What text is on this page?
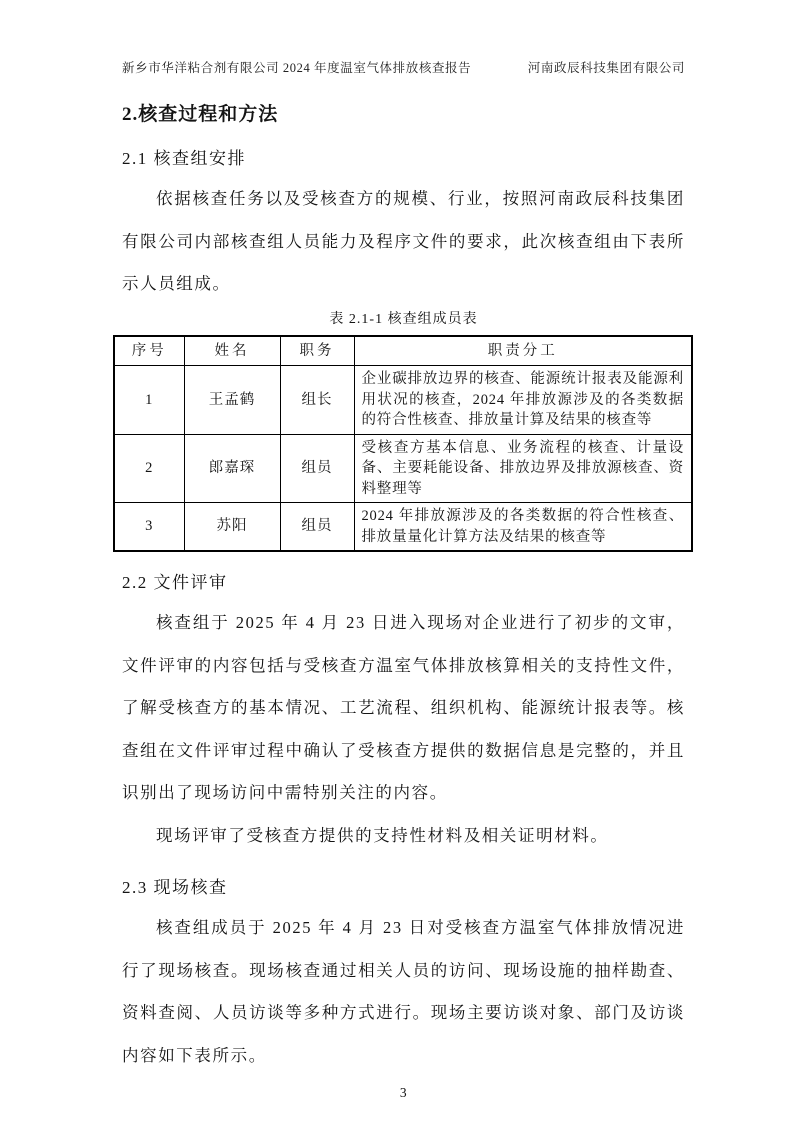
新乡市华洋粘合剂有限公司 2024 年度温室气体排放核查报告	河南政辰科技集团有限公司
2.核查过程和方法
2.1 核查组安排

依据核查任务以及受核查方的规模、行业，按照河南政辰科技集团有限公司内部核查组人员能力及程序文件的要求，此次核查组由下表所示人员组成。

表 2.1-1 核查组成员表
序号	姓名	职务	职责分工
1	王孟鹤	组长	企业碳排放边界的核查、能源统计报表及能源利用状况的核查，2024 年排放源涉及的各类数据的符合性核查、排放量计算及结果的核查等
2	郎嘉琛	组员	受核查方基本信息、业务流程的核查、计量设备、主要耗能设备、排放边界及排放源核查、资料整理等
3	苏阳	组员	2024 年排放源涉及的各类数据的符合性核查、排放量量化计算方法及结果的核查等
2.2 文件评审

核查组于 2025 年 4 月 23 日进入现场对企业进行了初步的文审，文件评审的内容包括与受核查方温室气体排放核算相关的支持性文件，了解受核查方的基本情况、工艺流程、组织机构、能源统计报表等。核查组在文件评审过程中确认了受核查方提供的数据信息是完整的，并且识别出了现场访问中需特别关注的内容。

现场评审了受核查方提供的支持性材料及相关证明材料。

2.3 现场核查

核查组成员于 2025 年 4 月 23 日对受核查方温室气体排放情况进行了现场核查。现场核查通过相关人员的访问、现场设施的抽样勘查、资料查阅、人员访谈等多种方式进行。现场主要访谈对象、部门及访谈内容如下表所示。

3
